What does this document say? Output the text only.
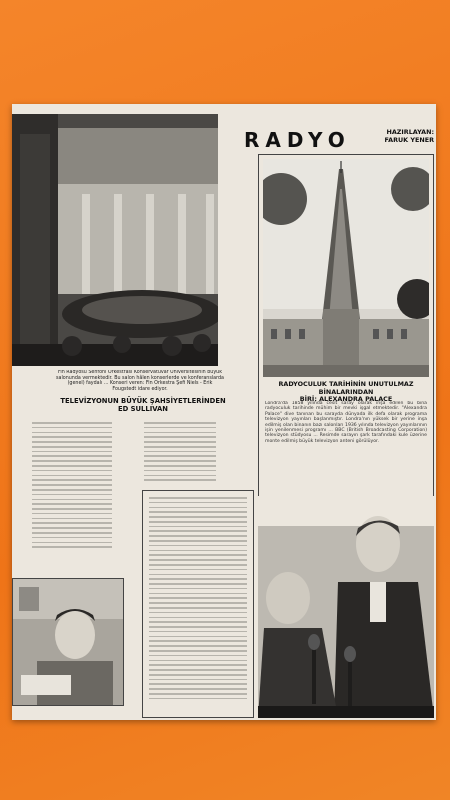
Fin Radyosu Senfoni Orkestrası Konservatuvar Üniversitesinin büyük salonunda vermektedir. Bu salon hâlen konserlerde ve konferanslarda (genel) faydalı ... Konseri veren: Fin Orkestra Şefi Niels - Erik Fougstedt idare ediyor.
RADYO	HAZIRLAYAN:
FARUK YENER
RADYOCULUK TARİHİNİN UNUTULMAZ BİNALARINDAN
BİRİ: ALEXANDRA PALACE
Londra'da 1858 yılında cesit saray olarak inşa edilen bu bina radyoculuk tarihinde mühim bir mevki işgal etmektedir. "Alexandra Palace" dive tanınan bu sarayda dünyada ilk defa olarak programa televizyon yayınları başlanmıştır. Londra'nın yüksek bir yerine inşa edilmiş olan binanın bazı salonları 1936 yılında televizyon yayınlarının işin yenilenmesi programı ... BBC (British Broadcasting Corporation) televizyon stüdyosu ... Resimde sarayın şark tarafındaki kule üzerine monte edilmiş büyük televizyon anteni görülüyor.
TELEVİZYONUN BÜYÜK ŞAHSİYETLERİNDEN
ED SULLIVAN
